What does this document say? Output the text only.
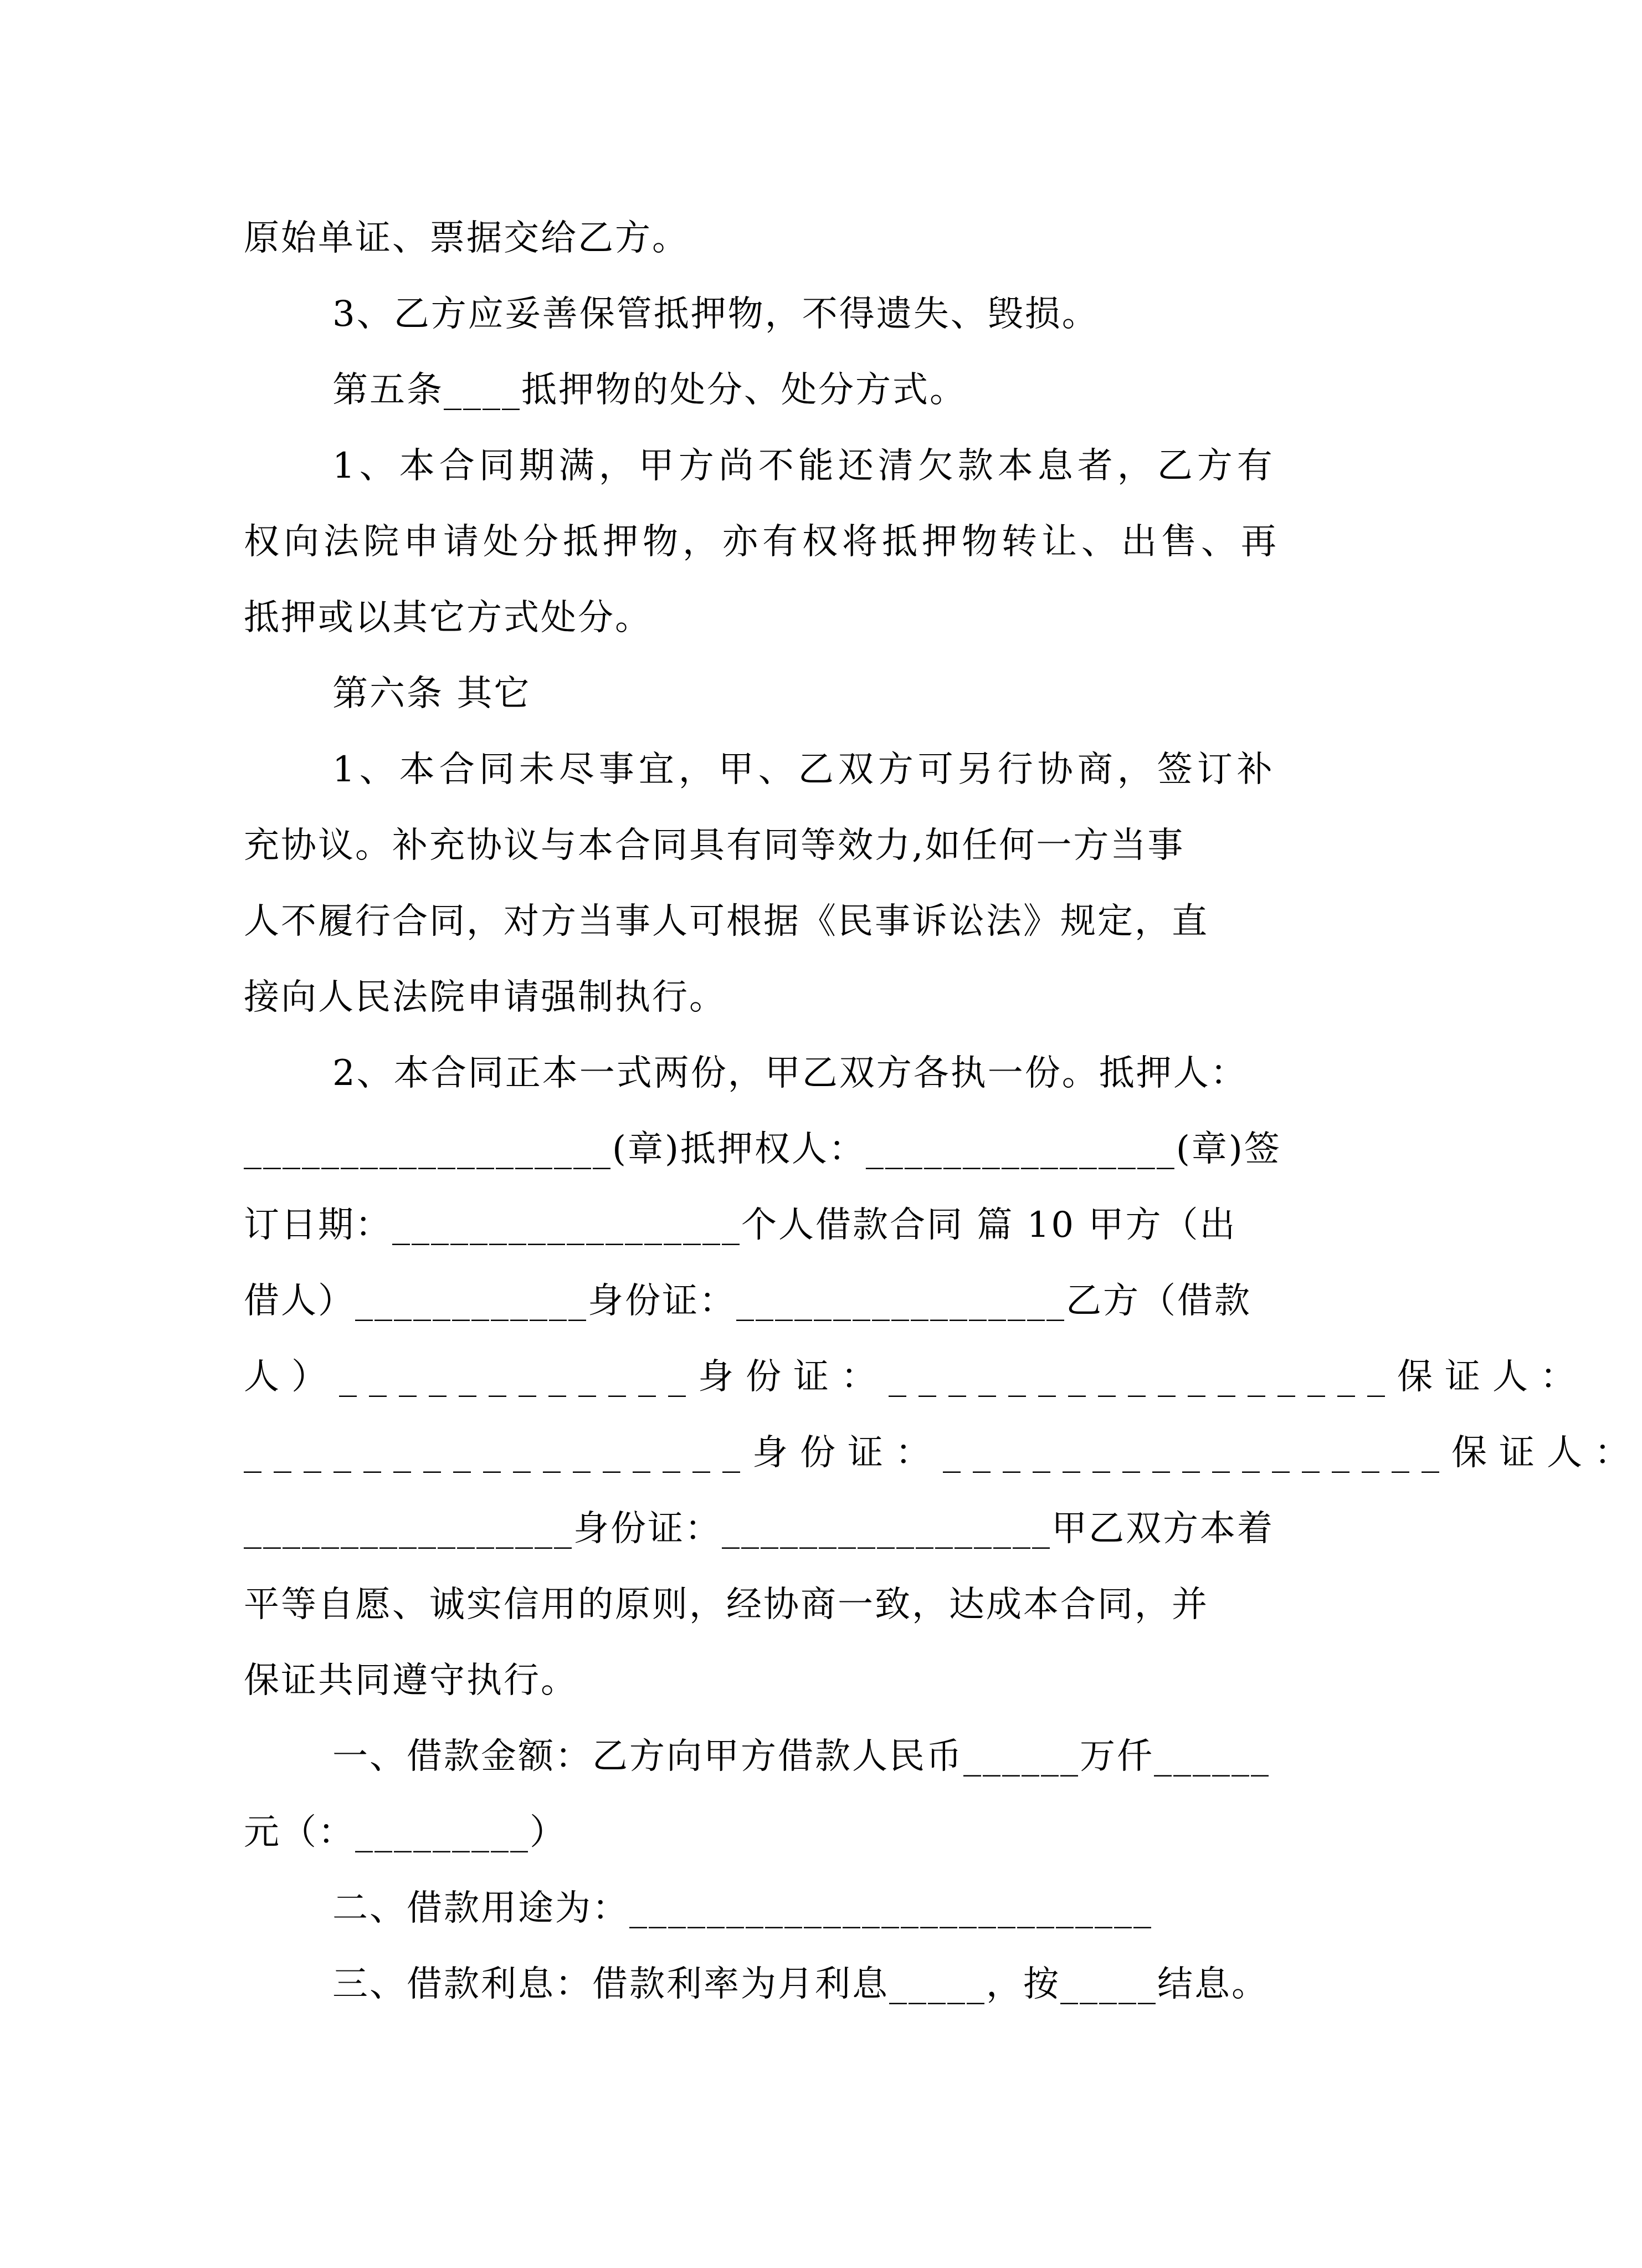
原始单证、票据交给乙方。
3、乙方应妥善保管抵押物，不得遗失、毁损。
第五条____抵押物的处分、处分方式。
1、本合同期满，甲方尚不能还清欠款本息者，乙方有
权向法院申请处分抵押物，亦有权将抵押物转让、出售、再
抵押或以其它方式处分。
第六条 其它
1、本合同未尽事宜，甲、乙双方可另行协商，签订补
充协议。补充协议与本合同具有同等效力,如任何一方当事
人不履行合同，对方当事人可根据《民事诉讼法》规定，直
接向人民法院申请强制执行。
2、本合同正本一式两份，甲乙双方各执一份。抵押人：
___________________(章)抵押权人：________________(章)签
订日期：__________________个人借款合同 篇 10 甲方（出
借人）____________身份证：_________________乙方（借款
人）____________身份证：_________________保证人：
_________________身份证：_________________保证人：
_________________身份证：_________________甲乙双方本着
平等自愿、诚实信用的原则，经协商一致，达成本合同，并
保证共同遵守执行。
一、借款金额：乙方向甲方借款人民币______万仟______
元（：_________）
二、借款用途为：___________________________
三、借款利息：借款利率为月利息_____，按_____结息。
